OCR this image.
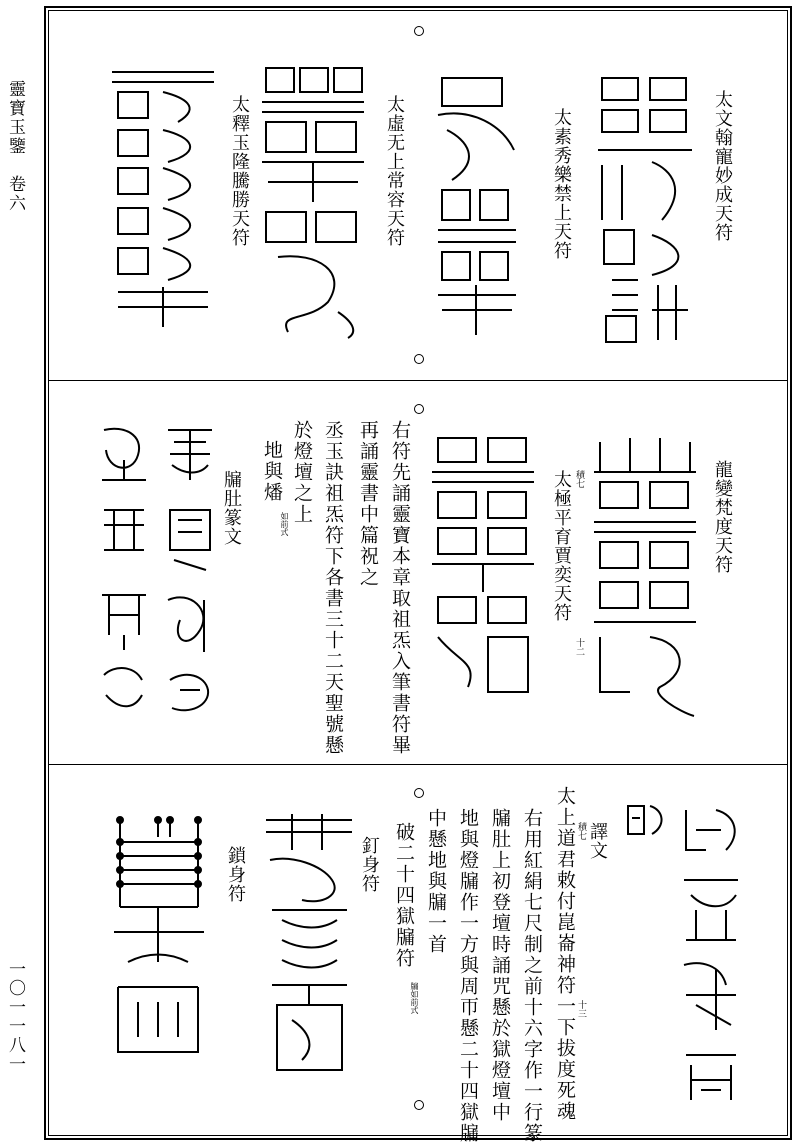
靈寶玉鑒　卷六
一〇一一八一
太文翰寵妙成天符
太素秀樂禁上天符
太虛无上常容天符
太釋玉隆騰勝天符
龍變梵度天符
太極平育賈奕天符 積七
十二
右符先誦靈寶本章取祖炁入筆書符畢
再誦靈書中篇祝之
丞玉訣祖炁符下各書三十二天聖號懸
於燈壇之上
地與燔
如前式
牖肚篆文
譯文
太上道君敕付崑崙神符一下拔度死魂
右用紅絹七尺制之前十六字作一行篆
牖肚上初登壇時誦咒懸於獄燈壇中
地與燈牖作一方與周帀懸二十四獄牖
中懸地與牖一首	積七
十三
破二十四獄牖符
牖如前式
釘身符
鎖身符
